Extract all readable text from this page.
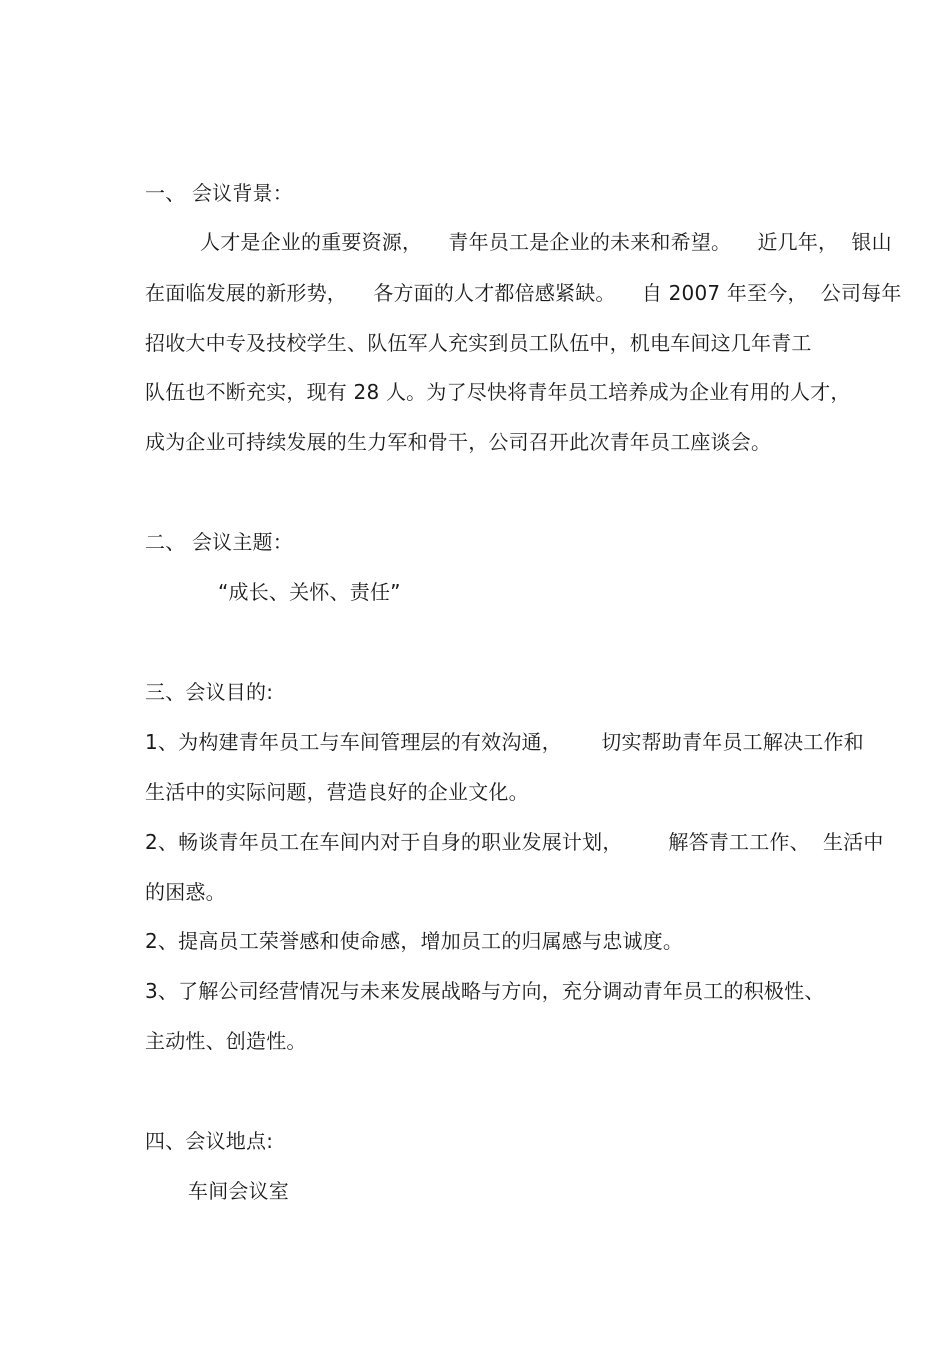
一、 会议背景：
人才是企业的重要资源，    青年员工是企业的未来和希望。    近几年，  银山
在面临发展的新形势，    各方面的人才都倍感紧缺。    自 2007 年至今，  公司每年
招收大中专及技校学生、队伍军人充实到员工队伍中，机电车间这几年青工
队伍也不断充实，现有 28 人。为了尽快将青年员工培养成为企业有用的人才，
成为企业可持续发展的生力军和骨干，公司召开此次青年员工座谈会。
二、 会议主题：
“成长、关怀、责任”
三、会议目的:
1、为构建青年员工与车间管理层的有效沟通，      切实帮助青年员工解决工作和
生活中的实际问题，营造良好的企业文化。
2、畅谈青年员工在车间内对于自身的职业发展计划，       解答青工工作、  生活中
的困惑。
2、提高员工荣誉感和使命感，增加员工的归属感与忠诚度。
3、了解公司经营情况与未来发展战略与方向，充分调动青年员工的积极性、
主动性、创造性。
四、会议地点:
车间会议室
